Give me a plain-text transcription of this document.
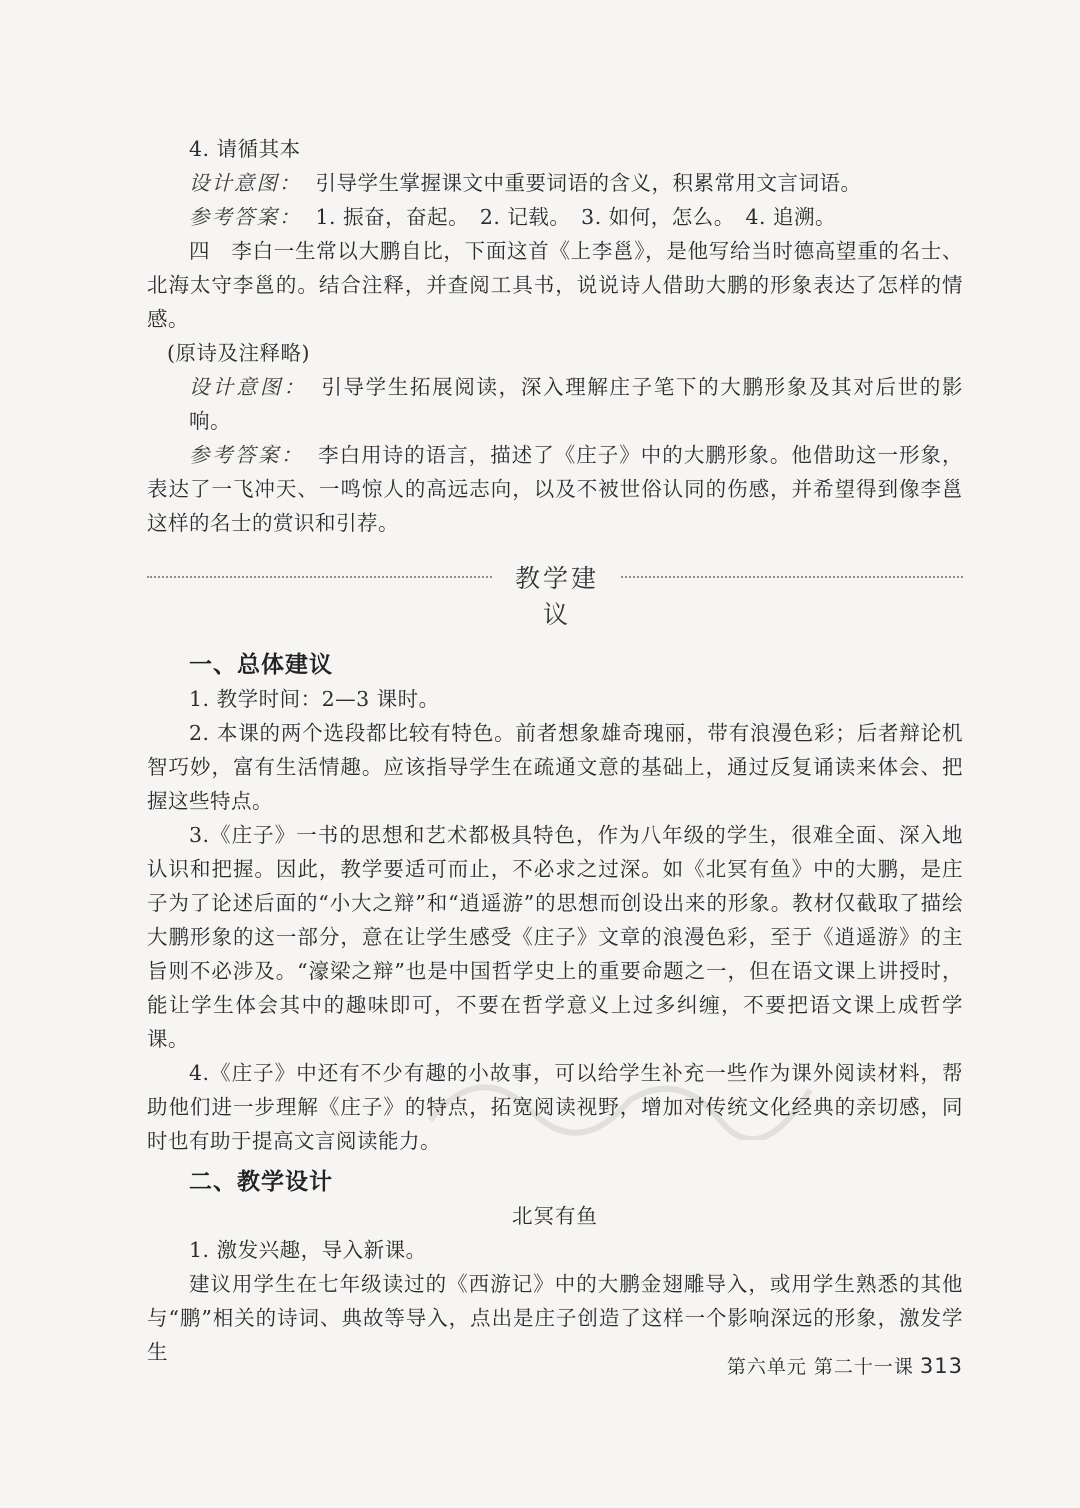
4. 请循其本

设计意图： 引导学生掌握课文中重要词语的含义，积累常用文言词语。

参考答案： 1. 振奋，奋起。　2. 记载。　3. 如何，怎么。　4. 追溯。

四　李白一生常以大鹏自比，下面这首《上李邕》，是他写给当时德高望重的名士、北海太守李邕的。结合注释，并查阅工具书，说说诗人借助大鹏的形象表达了怎样的情感。

(原诗及注释略)

设计意图： 引导学生拓展阅读，深入理解庄子笔下的大鹏形象及其对后世的影响。

参考答案： 李白用诗的语言，描述了《庄子》中的大鹏形象。他借助这一形象，表达了一飞冲天、一鸣惊人的高远志向，以及不被世俗认同的伤感，并希望得到像李邕这样的名士的赏识和引荐。

教学建议
一、总体建议

1. 教学时间：2—3 课时。

2. 本课的两个选段都比较有特色。前者想象雄奇瑰丽，带有浪漫色彩；后者辩论机智巧妙，富有生活情趣。应该指导学生在疏通文意的基础上，通过反复诵读来体会、把握这些特点。

3.《庄子》一书的思想和艺术都极具特色，作为八年级的学生，很难全面、深入地认识和把握。因此，教学要适可而止，不必求之过深。如《北冥有鱼》中的大鹏，是庄子为了论述后面的“小大之辩”和“逍遥游”的思想而创设出来的形象。教材仅截取了描绘大鹏形象的这一部分，意在让学生感受《庄子》文章的浪漫色彩，至于《逍遥游》的主旨则不必涉及。“濠梁之辩”也是中国哲学史上的重要命题之一，但在语文课上讲授时，能让学生体会其中的趣味即可，不要在哲学意义上过多纠缠，不要把语文课上成哲学课。

4.《庄子》中还有不少有趣的小故事，可以给学生补充一些作为课外阅读材料，帮助他们进一步理解《庄子》的特点，拓宽阅读视野，增加对传统文化经典的亲切感，同时也有助于提高文言阅读能力。

二、教学设计
北冥有鱼

1. 激发兴趣，导入新课。

建议用学生在七年级读过的《西游记》中的大鹏金翅雕导入，或用学生熟悉的其他与“鹏”相关的诗词、典故等导入，点出是庄子创造了这样一个影响深远的形象，激发学生

第六单元 第二十一课 313
